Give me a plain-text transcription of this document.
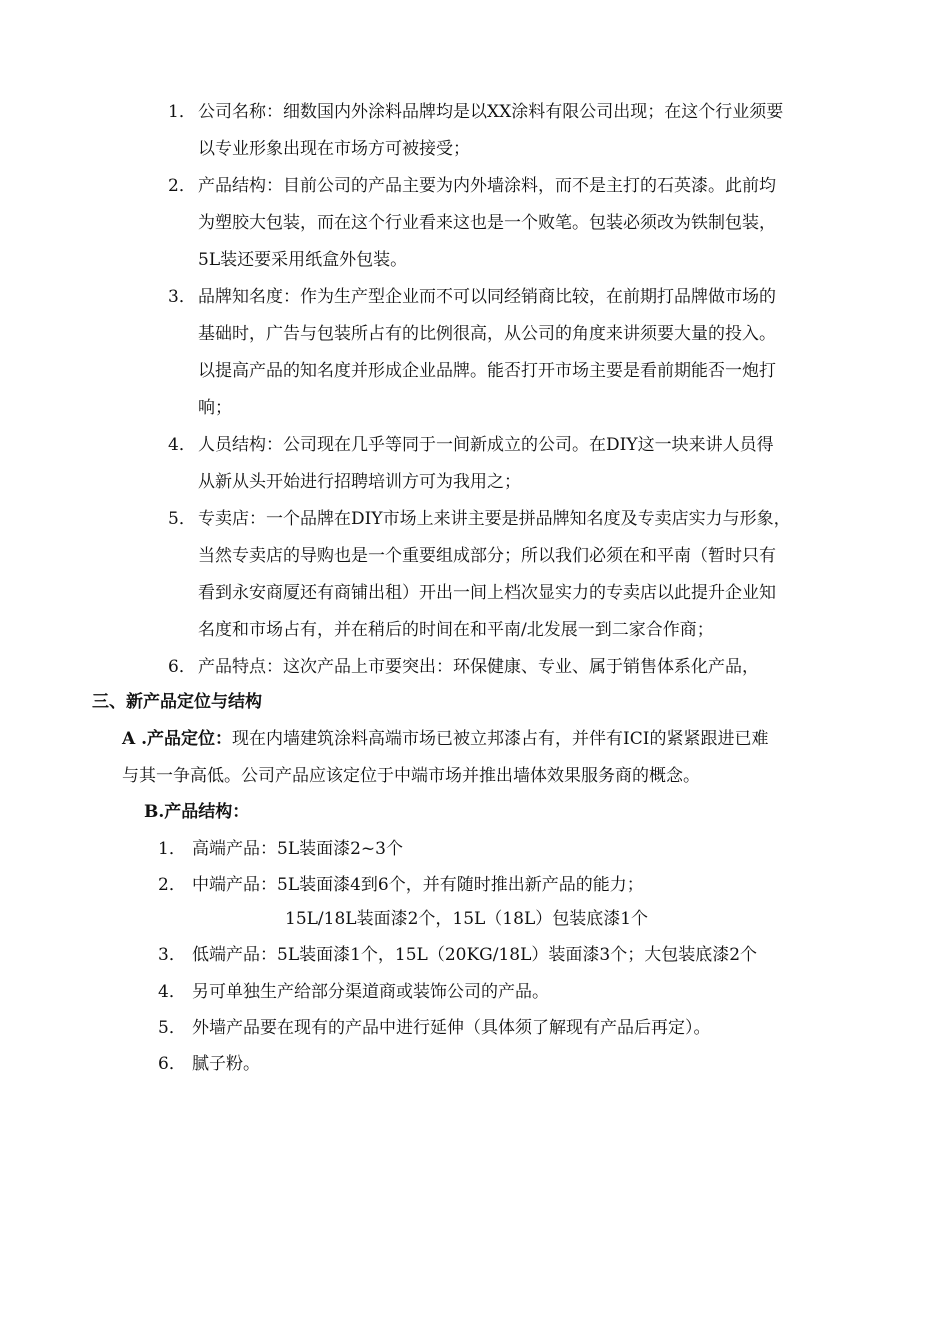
1． 公司名称：细数国内外涂料品牌均是以XX涂料有限公司出现；在这个行业须要
以专业形象出现在市场方可被接受；
2． 产品结构：目前公司的产品主要为内外墙涂料，而不是主打的石英漆。此前均
为塑胶大包装，而在这个行业看来这也是一个败笔。包装必须改为铁制包装，
5L装还要采用纸盒外包装。
3． 品牌知名度：作为生产型企业而不可以同经销商比较，在前期打品牌做市场的
基础时，广告与包装所占有的比例很高，从公司的角度来讲须要大量的投入。
以提高产品的知名度并形成企业品牌。能否打开市场主要是看前期能否一炮打
响；
4． 人员结构：公司现在几乎等同于一间新成立的公司。在DIY这一块来讲人员得
从新从头开始进行招聘培训方可为我用之；
5． 专卖店：一个品牌在DIY市场上来讲主要是拼品牌知名度及专卖店实力与形象，
当然专卖店的导购也是一个重要组成部分；所以我们必须在和平南（暂时只有
看到永安商厦还有商铺出租）开出一间上档次显实力的专卖店以此提升企业知
名度和市场占有，并在稍后的时间在和平南/北发展一到二家合作商；
6． 产品特点：这次产品上市要突出：环保健康、专业、属于销售体系化产品，
三、新产品定位与结构
A .产品定位：现在内墙建筑涂料高端市场已被立邦漆占有，并伴有ICI的紧紧跟进已难
与其一争高低。公司产品应该定位于中端市场并推出墙体效果服务商的概念。
B.产品结构：
1． 高端产品：5L装面漆2~3个
2． 中端产品：5L装面漆4到6个，并有随时推出新产品的能力；
15L/18L装面漆2个，15L（18L）包装底漆1个
3． 低端产品：5L装面漆1个，15L（20KG/18L）装面漆3个；大包装底漆2个
4． 另可单独生产给部分渠道商或装饰公司的产品。
5． 外墙产品要在现有的产品中进行延伸（具体须了解现有产品后再定）。
6． 腻子粉。
